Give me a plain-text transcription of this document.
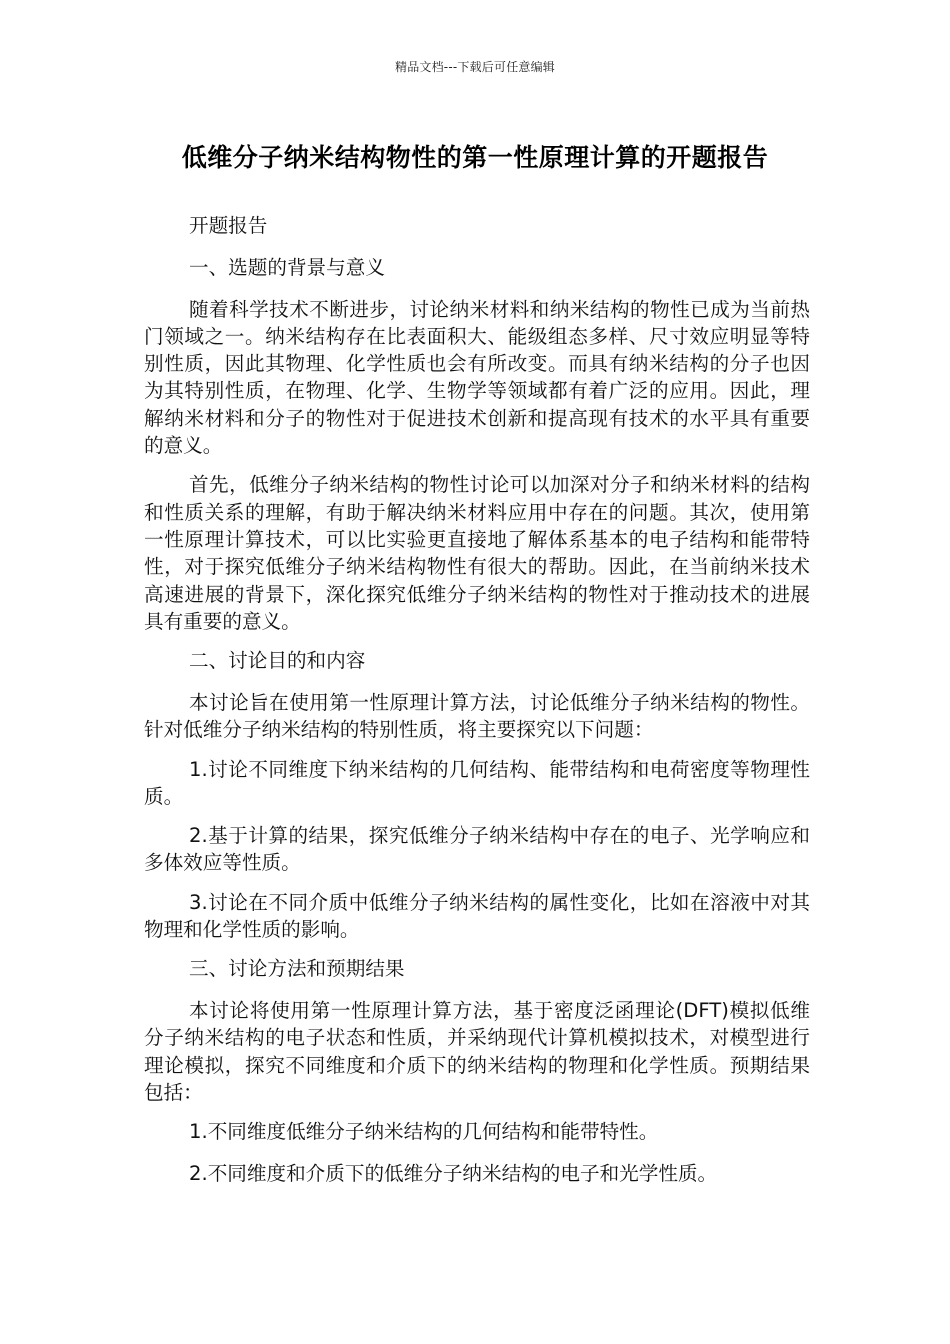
精品文档---下载后可任意编辑
低维分子纳米结构物性的第一性原理计算的开题报告

开题报告

一、选题的背景与意义

随着科学技术不断进步，讨论纳米材料和纳米结构的物性已成为当前热门领域之一。纳米结构存在比表面积大、能级组态多样、尺寸效应明显等特别性质，因此其物理、化学性质也会有所改变。而具有纳米结构的分子也因为其特别性质，在物理、化学、生物学等领域都有着广泛的应用。因此，理解纳米材料和分子的物性对于促进技术创新和提高现有技术的水平具有重要的意义。

首先，低维分子纳米结构的物性讨论可以加深对分子和纳米材料的结构和性质关系的理解，有助于解决纳米材料应用中存在的问题。其次，使用第一性原理计算技术，可以比实验更直接地了解体系基本的电子结构和能带特性，对于探究低维分子纳米结构物性有很大的帮助。因此，在当前纳米技术高速进展的背景下，深化探究低维分子纳米结构的物性对于推动技术的进展具有重要的意义。

二、讨论目的和内容

本讨论旨在使用第一性原理计算方法，讨论低维分子纳米结构的物性。针对低维分子纳米结构的特别性质，将主要探究以下问题：

1.讨论不同维度下纳米结构的几何结构、能带结构和电荷密度等物理性质。

2.基于计算的结果，探究低维分子纳米结构中存在的电子、光学响应和多体效应等性质。

3.讨论在不同介质中低维分子纳米结构的属性变化，比如在溶液中对其物理和化学性质的影响。

三、讨论方法和预期结果

本讨论将使用第一性原理计算方法，基于密度泛函理论(DFT)模拟低维分子纳米结构的电子状态和性质，并采纳现代计算机模拟技术，对模型进行理论模拟，探究不同维度和介质下的纳米结构的物理和化学性质。预期结果包括：

1.不同维度低维分子纳米结构的几何结构和能带特性。

2.不同维度和介质下的低维分子纳米结构的电子和光学性质。
